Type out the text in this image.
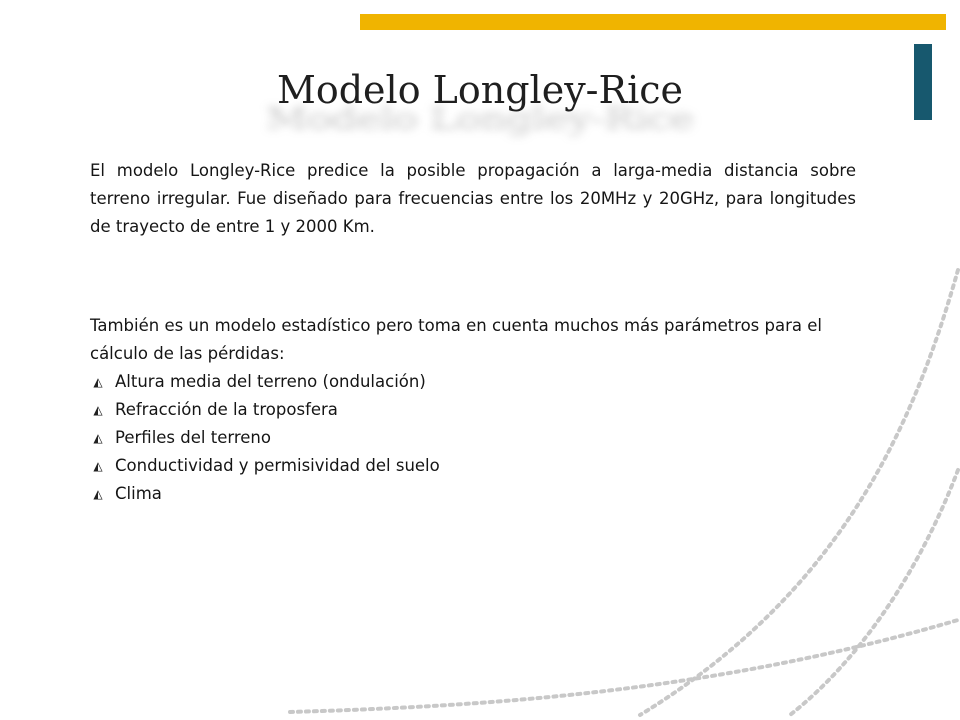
Modelo Longley-Rice
Modelo Longley-Rice
El modelo Longley-Rice predice la posible propagación a larga-media distancia sobre terreno irregular. Fue diseñado para frecuencias entre los 20MHz y 20GHz, para longitudes de trayecto de entre 1 y 2000 Km.
También es un modelo estadístico pero toma en cuenta muchos más parámetros para el cálculo de las pérdidas:
◭ Altura media del terreno (ondulación)
◭ Refracción de la troposfera
◭ Perfiles del terreno
◭ Conductividad y permisividad del suelo
◭ Clima
